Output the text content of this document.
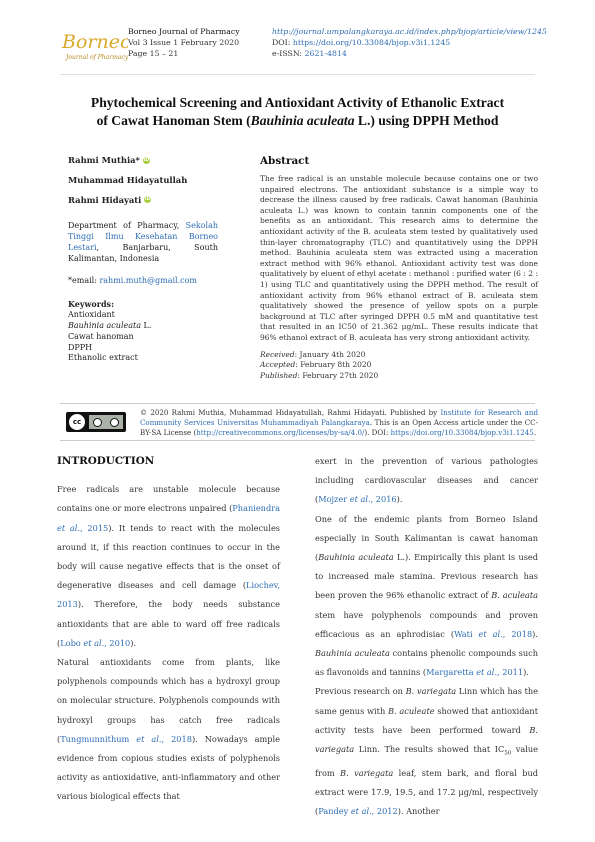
Borneo
Journal of Pharmacy
Borneo Journal of Pharmacy
Vol 3 Issue 1 February 2020
Page 15 – 21
http://journal.umpalangkaraya.ac.id/index.php/bjop/article/view/1245
DOI: https://doi.org/10.33084/bjop.v3i1.1245
e-ISSN: 2621-4814
Phytochemical Screening and Antioxidant Activity of Ethanolic Extract
of Cawat Hanoman Stem (Bauhinia aculeata L.) using DPPH Method
Rahmi Muthia* iD
Muhammad Hidayatullah
Rahmi Hidayati iD
Department of Pharmacy, Sekolah Tinggi Ilmu Kesehatan Borneo Lestari, Banjarbaru, South Kalimantan, Indonesia
*email: rahmi.muth@gmail.com
Keywords:
Antioxidant
Bauhinia aculeata L.
Cawat hanoman
DPPH
Ethanolic extract
Abstract
The free radical is an unstable molecule because contains one or two unpaired electrons. The antioxidant substance is a simple way to decrease the illness caused by free radicals. Cawat hanoman (Bauhinia aculeata L.) was known to contain tannin components one of the benefits as an antioxidant. This research aims to determine the antioxidant activity of the B. aculeata stem tested by qualitatively used thin-layer chromatography (TLC) and quantitatively using the DPPH method. Bauhinia aculeata stem was extracted using a maceration extract method with 96% ethanol. Antioxidant activity test was done qualitatively by eluent of ethyl acetate : methanol : purified water (6 : 2 : 1) using TLC and quantitatively using the DPPH method. The result of antioxidant activity from 96% ethanol extract of B. aculeata stem qualitatively showed the presence of yellow spots on a purple background at TLC after syringed DPPH 0.5 mM and quantitative test that resulted in an IC50 of 21.362 μg/mL. These results indicate that 96% ethanol extract of B. aculeata has very strong antioxidant activity.
Received: January 4th 2020
Accepted: February 8th 2020
Published: February 27th 2020
cc
© 2020 Rahmi Muthia, Muhammad Hidayatullah, Rahmi Hidayati. Published by Institute for Research and Community Services Universitas Muhammadiyah Palangkaraya. This is an Open Access article under the CC-BY-SA License (http://creativecommons.org/licenses/by-sa/4.0/). DOI: https://doi.org/10.33084/bjop.v3i1.1245.
INTRODUCTION

Free radicals are unstable molecule because contains one or more electrons unpaired (Phaniendra et al., 2015). It tends to react with the molecules around it, if this reaction continues to occur in the body will cause negative effects that is the onset of degenerative diseases and cell damage (Liochev, 2013). Therefore, the body needs substance antioxidants that are able to ward off free radicals (Lobo et al., 2010).

Natural antioxidants come from plants, like polyphenols compounds which has a hydroxyl group on molecular structure. Polyphenols compounds with hydroxyl groups has catch free radicals (Tungmunnithum et al., 2018). Nowadays ample evidence from copious studies exists of polyphenols activity as antioxidative, anti-inflammatory and other various biological effects that

exert in the prevention of various pathologies including cardiovascular diseases and cancer (Mojzer et al., 2016).

One of the endemic plants from Borneo Island especially in South Kalimantan is cawat hanoman (Bauhinia aculeata L.). Empirically this plant is used to increased male stamina. Previous research has been proven the 96% ethanolic extract of B. aculeata stem have polyphenols compounds and proven efficacious as an aphrodisiac (Wati et al., 2018). Bauhinia aculeata contains phenolic compounds such as flavonoids and tannins (Margaretta et al., 2011).

Previous research on B. variegata Linn which has the same genus with B. aculeate showed that antioxidant activity tests have been performed toward B. variegata Linn. The results showed that $IC_{50}$ value from B. variegata leaf, stem bark, and floral bud extract were 17.9, 19.5, and 17.2 μg/ml, respectively (Pandey et al., 2012). Another
